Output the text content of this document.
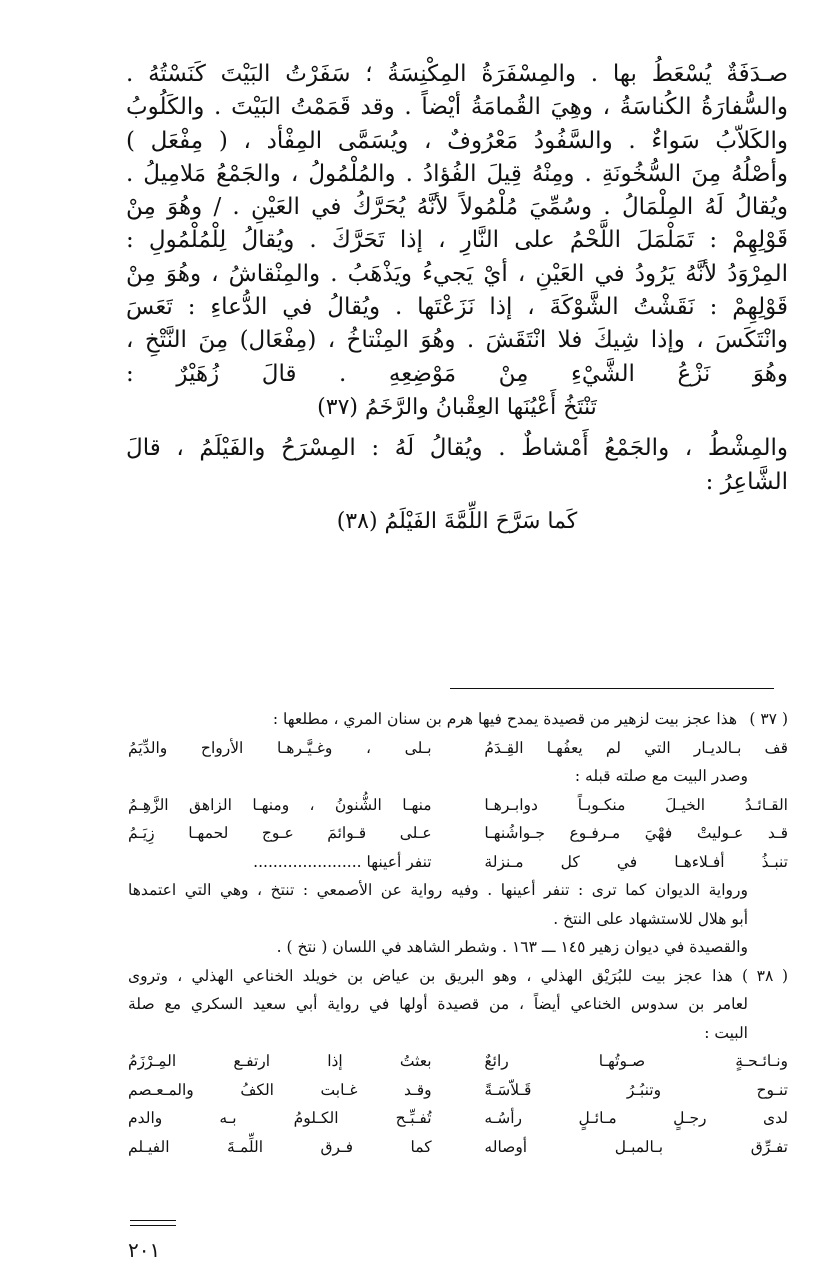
صـدَفَةٌ يُسْعَطُ بها . والمِسْفَرَةُ المِكْنِسَةُ ؛ سَفَرْتُ البَيْتَ كَنَسْتُهُ .

والسُّفارَةُ الكُناسَةُ ، وهِيَ القُمامَةُ أيْضاً . وقد قَمَمْتُ البَيْتَ . والكَلُوبُ

والكَلاّبُ سَواءٌ . والسَّفُودُ مَعْرُوفٌ ، ويُسَمَّى المِفْأد ، ( مِفْعَل )

وأصْلُهُ مِنَ السُّخُونَةِ . ومِنْهُ قِيلَ الفُؤادُ . والمُلْمُولُ ، والجَمْعُ مَلامِيلُ .

ويُقالُ لَهُ المِلْمَالُ . وسُمِّيَ مُلْمُولاً لأنَّهُ يُحَرَّكُ في العَيْنِ . / وهُوَ مِنْ

قَوْلِهِمْ : تَمَلْمَلَ اللَّحْمُ على النَّارِ ، إذا تَحَرَّكَ . ويُقالُ لِلْمُلْمُولِ :

المِرْوَدُ لأنَّهُ يَرُودُ في العَيْنِ ، أيْ يَجيءُ ويَذْهَبُ . والمِنْقاشُ ، وهُوَ مِنْ

قَوْلِهِمْ : نَقَشْتُ الشَّوْكَةَ ، إذا نَزَعْتَها . ويُقالُ في الدُّعاءِ : تَعَسَ

وانْتَكَسَ ، وإذا شِيكَ فلا انْتَقَشَ . وهُوَ المِنْتاخُ ، (مِفْعَال) مِنَ النَّتْخِ ،

وهُوَ نَزْعُ الشَّيْءِ مِنْ مَوْضِعِهِ . قالَ زُهَيْرٌ :

تَنْتَخُ أَعْيُنَها العِقْبانُ والرَّخَمُ (٣٧)

والمِشْطُ ، والجَمْعُ أَمْشاطٌ . ويُقالُ لَهُ : المِسْرَحُ والفَيْلَمُ ، قالَ

الشَّاعِرُ :

كَما سَرَّحَ اللِّمَّةَ الفَيْلَمُ (٣٨)

( ٣٧ ) هذا عجز بيت لزهير من قصيدة يمدح فيها هرم بن سنان المري ، مطلعها :

قف بـالديـار التي لم يعفُهـا القِـدَمُ
بـلى ، وغـيَّـرهـا الأرواح والدِّيَمُ

وصدر البيت مع صلته قبله :

القـائـدُ الخيـلَ منكـوبـاً دوابـرهـا
منهـا الشُّنونُ ، ومنهـا الزاهق الزَّهِـمُ
قـد عـوليتْ فهْيَ مـرفـوع جـواشُنهـا
عـلى قـوائمَ عـوج لحمهـا زِيَـمُ
تنبـذُ أفـلاءهـا في كل مـنزلة
تنفر أعينها ......................

ورواية الديوان كما ترى : تنفر أعينها . وفيه رواية عن الأصمعي : تنتخ ، وهي التي اعتمدها

أبو هلال للاستشهاد على النتخ .

والقصيدة في ديوان زهير ١٤٥ ـــ ١٦٣ . وشطر الشاهد في اللسان ( نتخ ) .

( ٣٨ ) هذا عجز بيت للبُرَيْق الهذلي ، وهو البريق بن عياض بن خويلد الخناعي الهذلي ، وتروى

لعامر بن سدوس الخناعي أيضاً ، من قصيدة أولها في رواية أبي سعيد السكري مع صلة

البيت :

ونـائـحـةٍ صـوتُهـا رائعٌ
بعثتُ إذا ارتفـع المِـرْزَمُ
تنـوح وتنبُـرُ قَـلاّسَـةً
وقـد غـابت الكفُ والمـعـصم
لدى رجـلٍ مـائـلٍ رأسُـه
تُفـبِّـح الكـلومُ بـه والدم
تفـرِّق بـالمبـل أوصاله
كما فـرق اللِّمـةَ الفيـلم
٢٠١
